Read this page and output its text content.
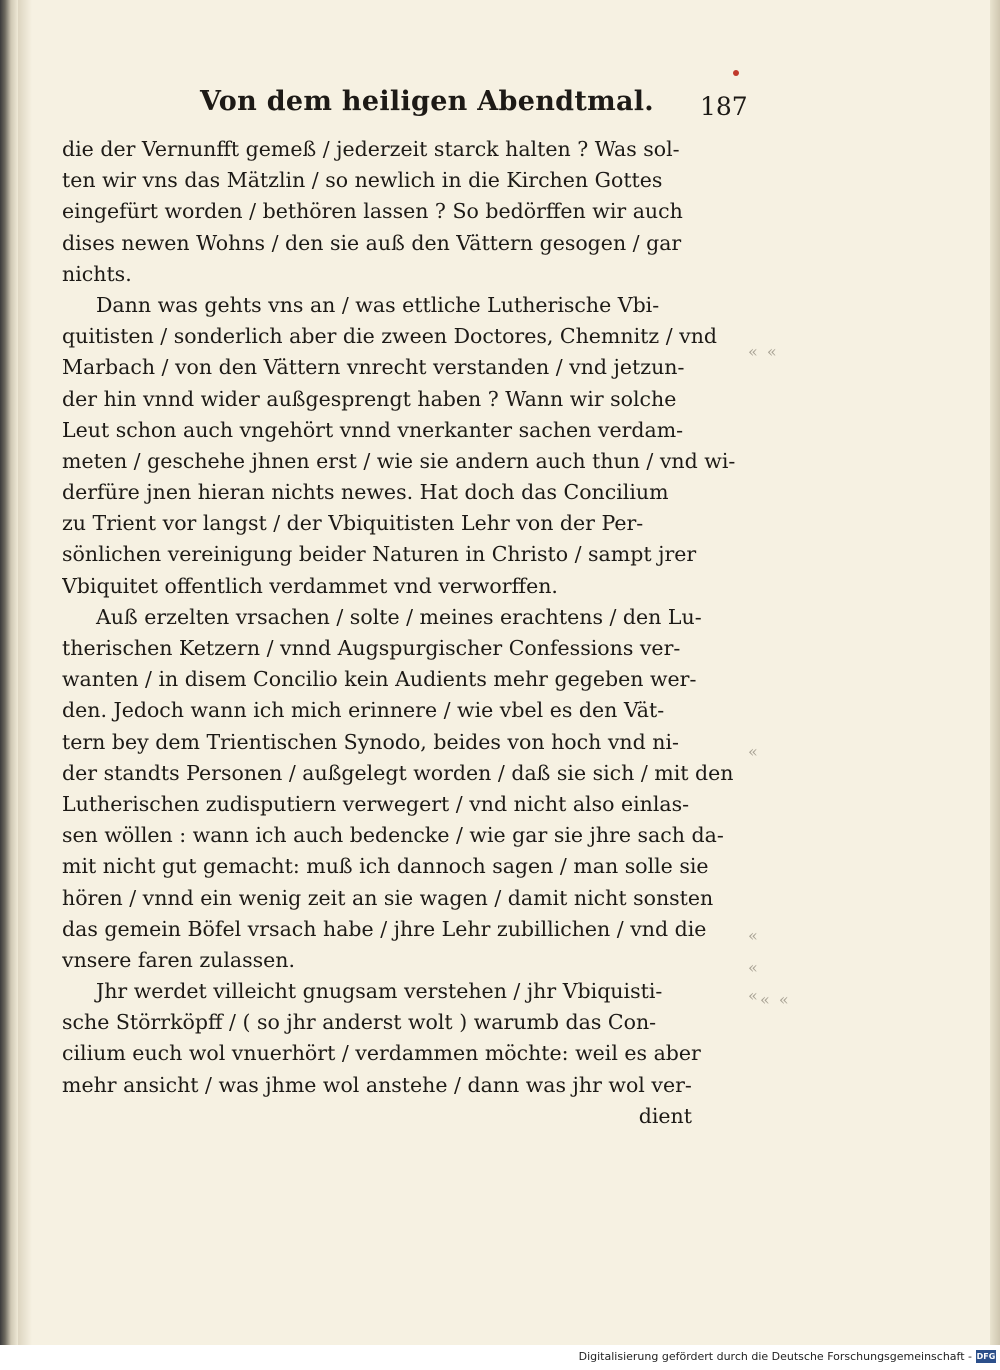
Von dem heiligen Abendtmal. 187
die der Vernunfft gemeß / jederzeit starck halten ? Was sol-
ten wir vns das Mätzlin / so newlich in die Kirchen Gottes
eingefürt worden / bethören lassen ? So bedörffen wir auch
dises newen Wohns / den sie auß den Vättern gesogen / gar
nichts.
Dann was gehts vns an / was ettliche Lutherische Vbi-
quitisten / sonderlich aber die zween Doctores, Chemnitz / vnd
Marbach / von den Vättern vnrecht verstanden / vnd jetzun-
der hin vnnd wider außgesprengt haben ? Wann wir solche
Leut schon auch vngehört vnnd vnerkanter sachen verdam-
meten / geschehe jhnen erst / wie sie andern auch thun / vnd wi-
derfüre jnen hieran nichts newes. Hat doch das Concilium
zu Trient vor langst / der Vbiquitisten Lehr von der Per-
sönlichen vereinigung beider Naturen in Christo / sampt jrer
Vbiquitet offentlich verdammet vnd verworffen.
Auß erzelten vrsachen / solte / meines erachtens / den Lu-
therischen Ketzern / vnnd Augspurgischer Confessions ver-
wanten / in disem Concilio kein Audients mehr gegeben wer-
den. Jedoch wann ich mich erinnere / wie vbel es den Vät-
tern bey dem Trientischen Synodo, beides von hoch vnd ni-
der standts Personen / außgelegt worden / daß sie sich / mit den
Lutherischen zudisputiern verwegert / vnd nicht also einlas-
sen wöllen : wann ich auch bedencke / wie gar sie jhre sach da-
mit nicht gut gemacht: muß ich dannoch sagen / man solle sie
hören / vnnd ein wenig zeit an sie wagen / damit nicht sonsten
das gemein Böfel vrsach habe / jhre Lehr zubillichen / vnd die
vnsere faren zulassen.
Jhr werdet villeicht gnugsam verstehen / jhr Vbiquisti-
sche Störrköpff / ( so jhr anderst wolt ) warumb das Con-
cilium euch wol vnuerhört / verdammen möchte: weil es aber
mehr ansicht / was jhme wol anstehe / dann was jhr wol ver-
dient
« «
«
«
«
« « «
Digitalisierung gefördert durch die Deutsche Forschungsgemeinschaft - DFG
